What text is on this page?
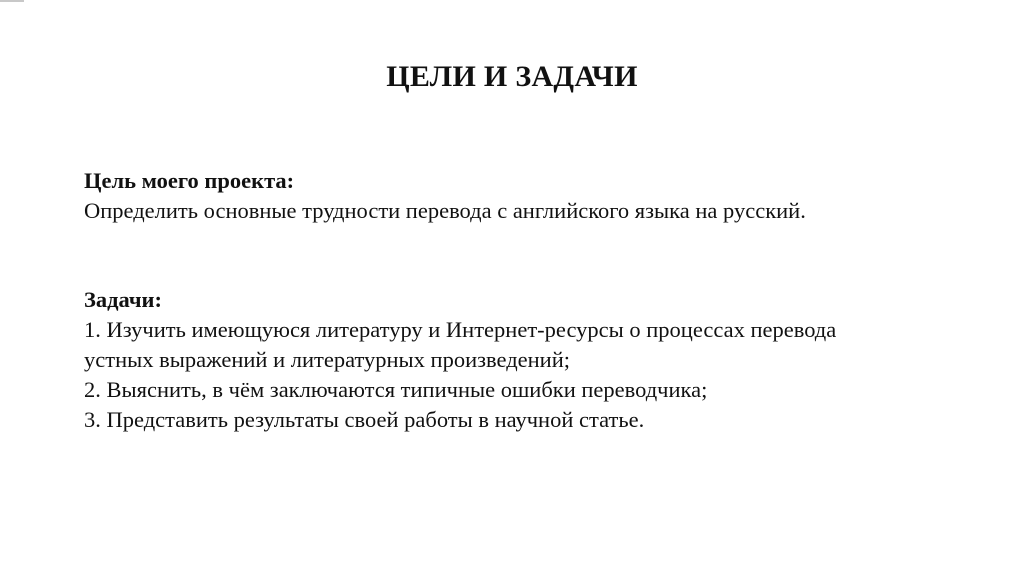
ЦЕЛИ И ЗАДАЧИ
Цель моего проекта:
Определить основные трудности перевода с английского языка на русский.
Задачи:
1. Изучить имеющуюся литературу и Интернет-ресурсы о процессах перевода
устных выражений и литературных произведений;
2. Выяснить, в чём заключаются типичные ошибки переводчика;
3. Представить результаты своей работы в научной статье.
